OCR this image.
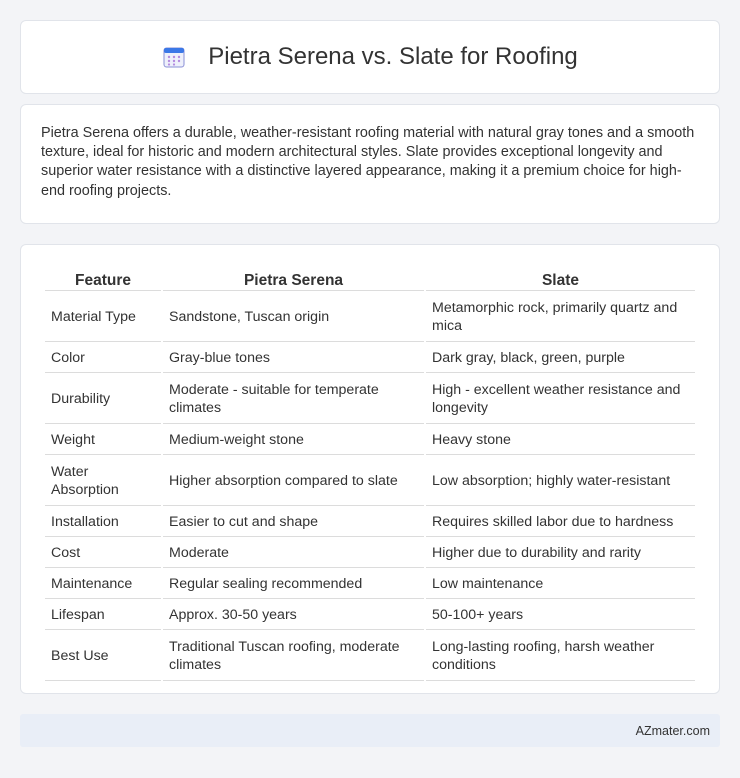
Pietra Serena vs. Slate for Roofing

Pietra Serena offers a durable, weather-resistant roofing material with natural gray tones and a smooth texture, ideal for historic and modern architectural styles. Slate provides exceptional longevity and superior water resistance with a distinctive layered appearance, making it a premium choice for high-end roofing projects.

Feature	Pietra Serena	Slate
Material Type	Sandstone, Tuscan origin	Metamorphic rock, primarily quartz and mica
Color	Gray-blue tones	Dark gray, black, green, purple
Durability	Moderate - suitable for temperate climates	High - excellent weather resistance and longevity
Weight	Medium-weight stone	Heavy stone
Water Absorption	Higher absorption compared to slate	Low absorption; highly water-resistant
Installation	Easier to cut and shape	Requires skilled labor due to hardness
Cost	Moderate	Higher due to durability and rarity
Maintenance	Regular sealing recommended	Low maintenance
Lifespan	Approx. 30-50 years	50-100+ years
Best Use	Traditional Tuscan roofing, moderate climates	Long-lasting roofing, harsh weather conditions
AZmater.com
